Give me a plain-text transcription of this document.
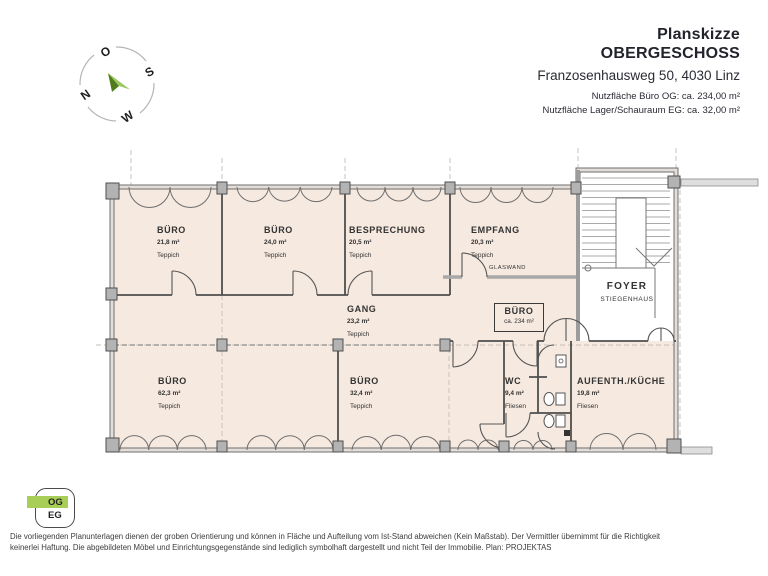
O
S
W
N
Planskizze
OBERGESCHOSS
Franzosenhausweg 50, 4030 Linz
Nutzfläche Büro OG: ca. 234,00 m²
Nutzfläche Lager/Schauraum EG: ca. 32,00 m²
BÜRO
21,8 m²
Teppich
BÜRO
24,0 m²
Teppich
BESPRECHUNG
20,5 m²
Teppich
EMPFANG
20,3 m²
Teppich
GANG
23,2 m²
Teppich
BÜRO
62,3 m²
Teppich
BÜRO
32,4 m²
Teppich
WC
9,4 m²
Fliesen
AUFENTH./KÜCHE
19,8 m²
Fliesen
GLASWAND
BÜRO
ca. 234 m²
FOYER
STIEGENHAUS
OG
EG
Die vorliegenden Planunterlagen dienen der groben Orientierung und können in Fläche und Aufteilung vom Ist-Stand abweichen (Kein Maßstab). Der Vermittler übernimmt für die Richtigkeit
keinerlei Haftung. Die abgebildeten Möbel und Einrichtungsgegenstände sind lediglich symbolhaft dargestellt und nicht Teil der Immobilie. Plan: PROJEKTAS
